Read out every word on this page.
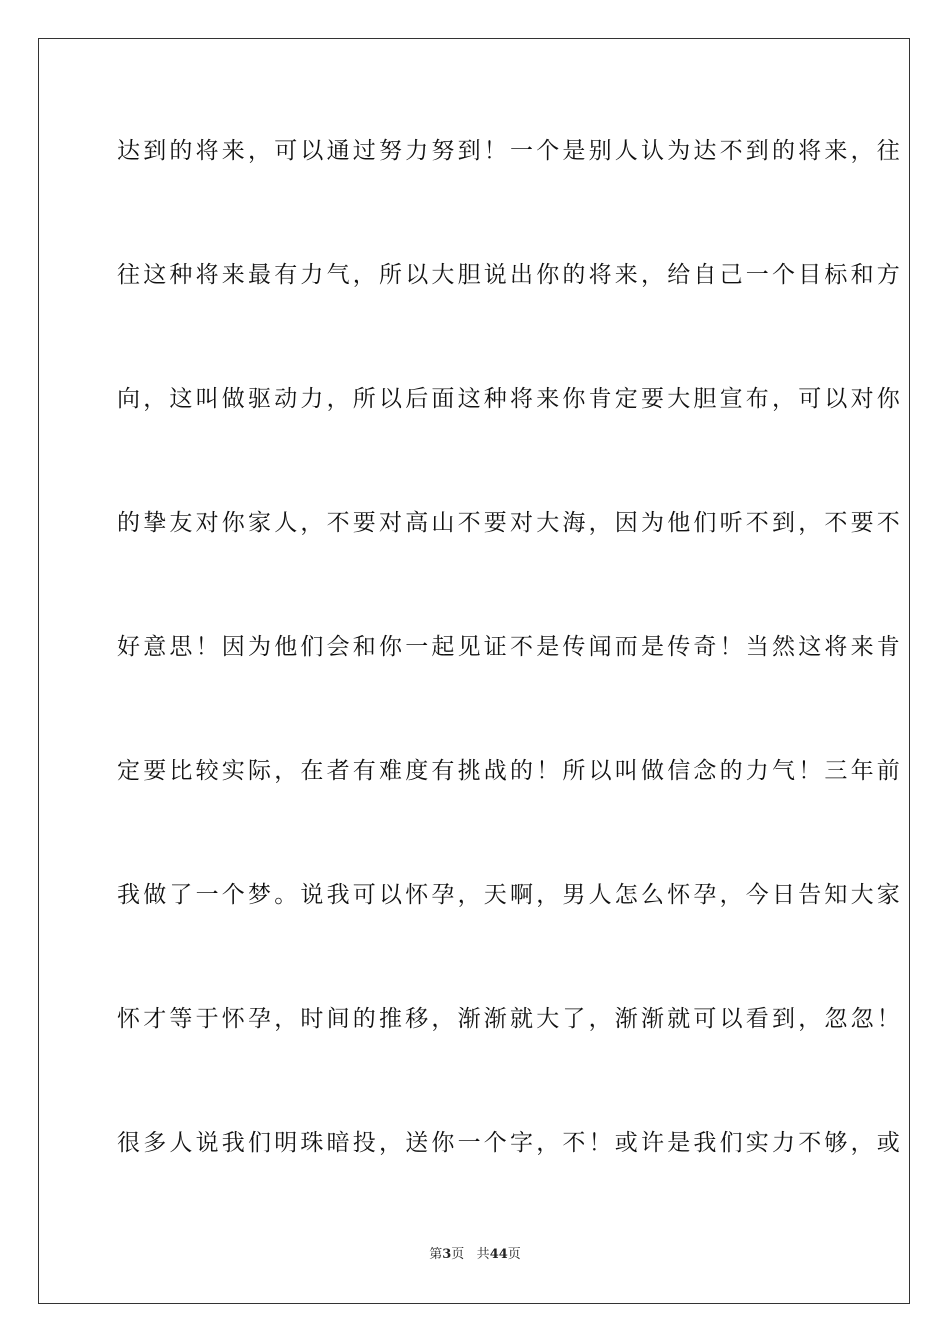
达到的将来，可以通过努力努到！一个是别人认为达不到的将来，往
往这种将来最有力气，所以大胆说出你的将来，给自己一个目标和方
向，这叫做驱动力，所以后面这种将来你肯定要大胆宣布，可以对你
的挚友对你家人，不要对高山不要对大海，因为他们听不到，不要不
好意思！因为他们会和你一起见证不是传闻而是传奇！当然这将来肯
定要比较实际，在者有难度有挑战的！所以叫做信念的力气！三年前
我做了一个梦。说我可以怀孕，天啊，男人怎么怀孕，今日告知大家
怀才等于怀孕，时间的推移，渐渐就大了，渐渐就可以看到，忽忽！
很多人说我们明珠暗投，送你一个字，不！或许是我们实力不够，或
第3页 共44页
